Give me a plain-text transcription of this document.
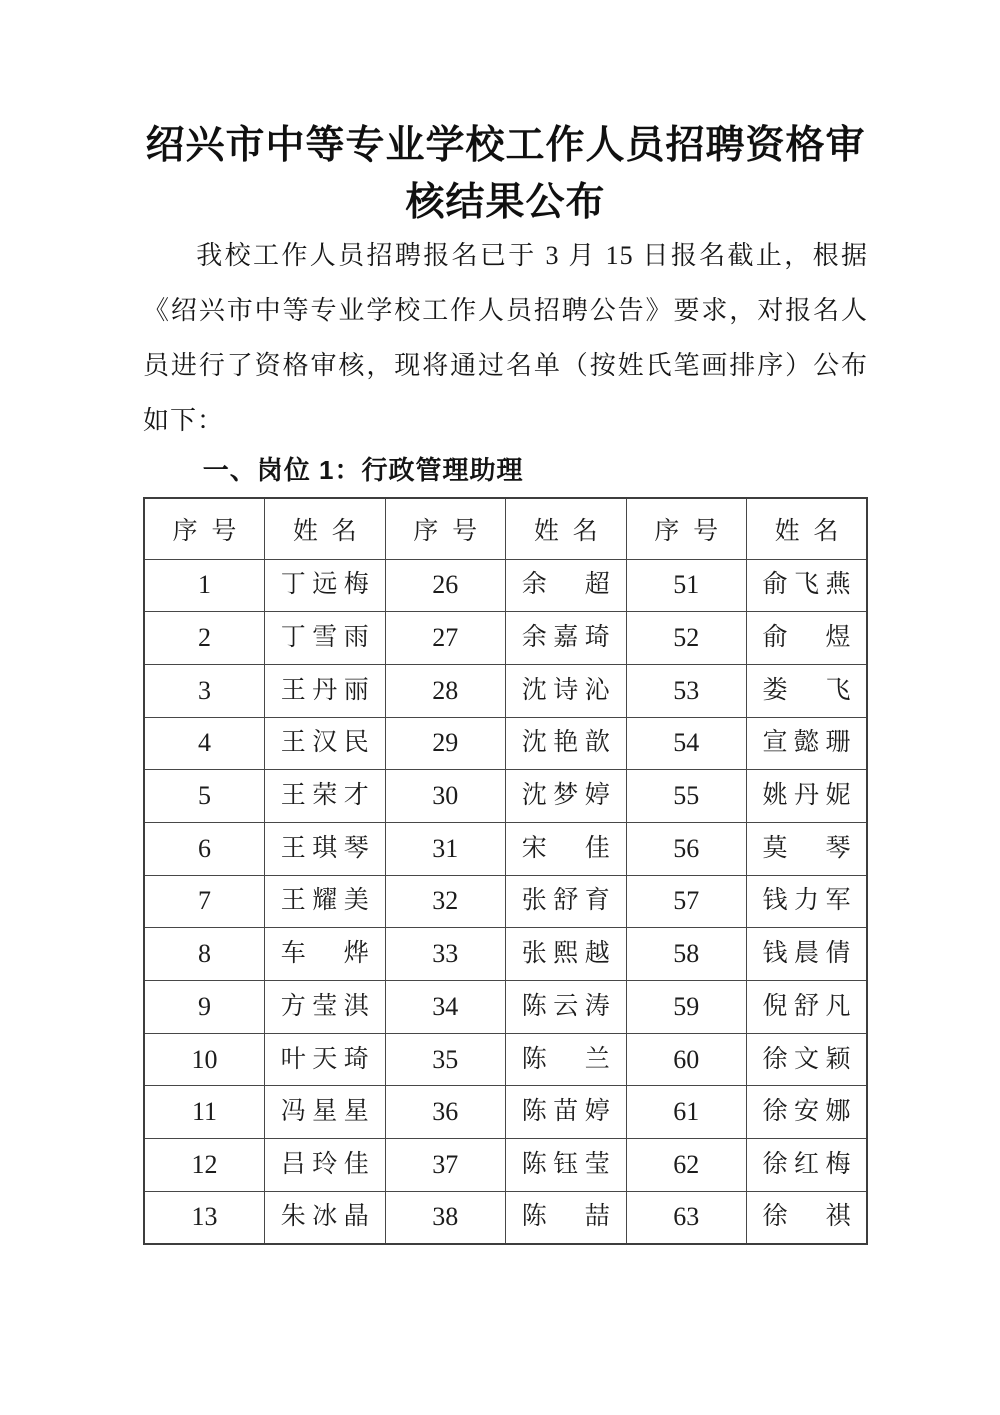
绍兴市中等专业学校工作人员招聘资格审
核结果公布
我校工作人员招聘报名已于 3 月 15 日报名截止，根据
《绍兴市中等专业学校工作人员招聘公告》要求，对报名人
员进行了资格审核，现将通过名单（按姓氏笔画排序）公布
如下：
一、岗位 1：行政管理助理
序号	姓名	序号	姓名	序号	姓名
1	丁远梅	26	余超	51	俞飞燕
2	丁雪雨	27	余嘉琦	52	俞煜
3	王丹丽	28	沈诗沁	53	娄飞
4	王汉民	29	沈艳歆	54	宣懿珊
5	王荣才	30	沈梦婷	55	姚丹妮
6	王琪琴	31	宋佳	56	莫琴
7	王耀美	32	张舒育	57	钱力军
8	车烨	33	张熙越	58	钱晨倩
9	方莹淇	34	陈云涛	59	倪舒凡
10	叶天琦	35	陈兰	60	徐文颖
11	冯星星	36	陈苗婷	61	徐安娜
12	吕玲佳	37	陈钰莹	62	徐红梅
13	朱冰晶	38	陈喆	63	徐祺
